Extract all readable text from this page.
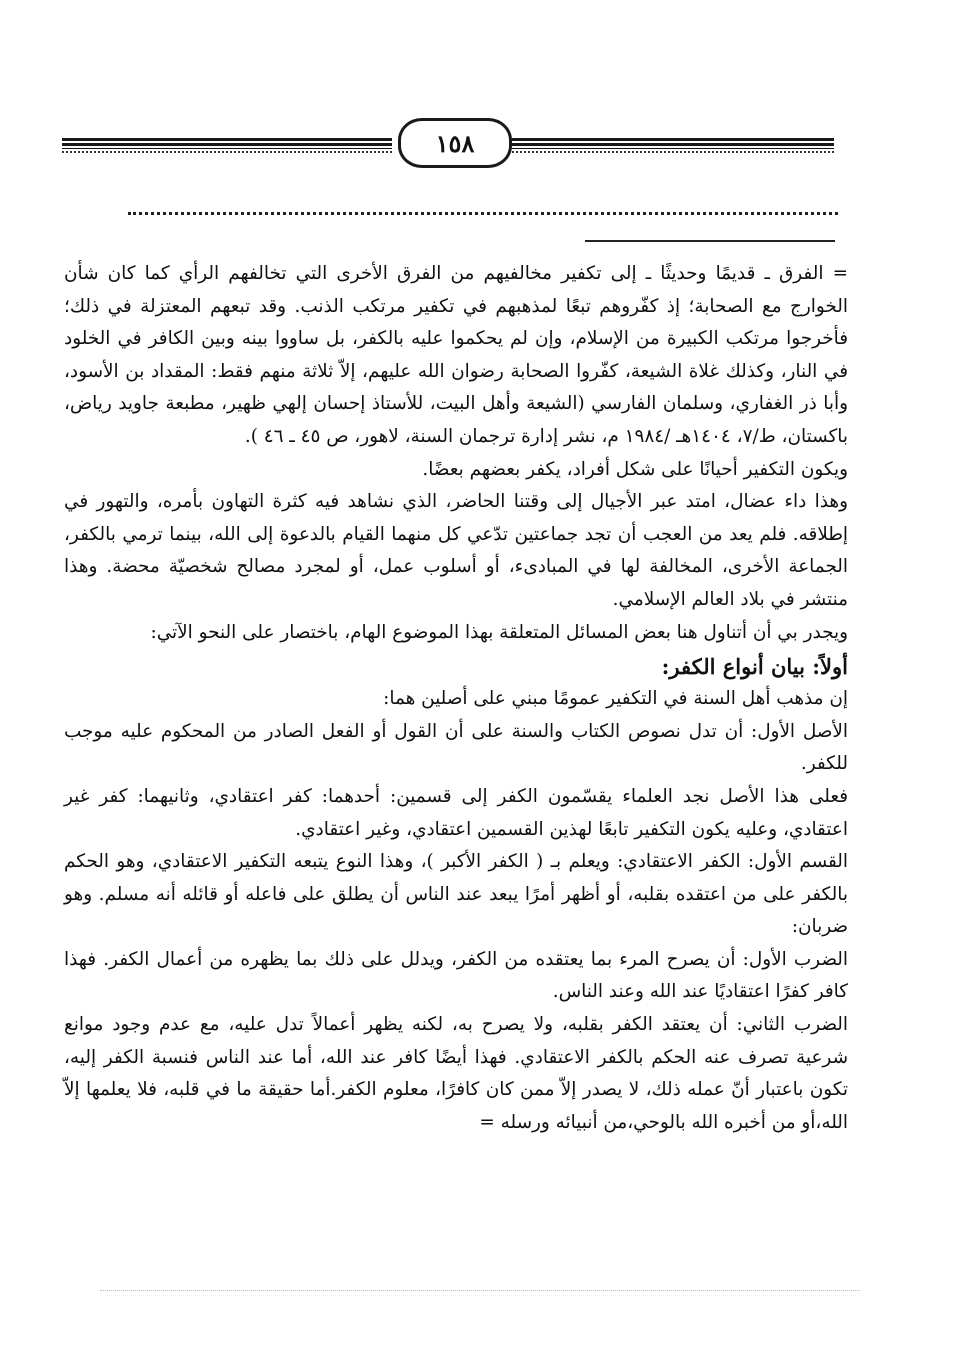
١٥٨

= الفرق ـ قديمًا وحديثًا ـ إلى تكفير مخالفيهم من الفرق الأخرى التي تخالفهم الرأي كما كان شأن الخوارج مع الصحابة؛ إذ كفّروهم تبعًا لمذهبهم في تكفير مرتكب الذنب. وقد تبعهم المعتزلة في ذلك؛ فأخرجوا مرتكب الكبيرة من الإسلام، وإن لم يحكموا عليه بالكفر، بل ساووا بينه وبين الكافر في الخلود في النار، وكذلك غلاة الشيعة، كفّروا الصحابة رضوان الله عليهم، إلاّ ثلاثة منهم فقط: المقداد بن الأسود، وأبا ذر الغفاري، وسلمان الفارسي (الشيعة وأهل البيت، للأستاذ إحسان إلهي ظهير، مطبعة جاويد رياض، باكستان، ط/٧، ١٤٠٤هـ /١٩٨٤ م، نشر إدارة ترجمان السنة، لاهور، ص ٤٥ ـ ٤٦ ).

ويكون التكفير أحيانًا على شكل أفراد، يكفر بعضهم بعضًا.

وهذا داء عضال، امتد عبر الأجيال إلى وقتنا الحاضر، الذي نشاهد فيه كثرة التهاون بأمره، والتهور في إطلاقه. فلم يعد من العجب أن تجد جماعتين تدّعي كل منهما القيام بالدعوة إلى الله، بينما ترمي بالكفر، الجماعة الأخرى، المخالفة لها في المبادىء، أو أسلوب عمل، أو لمجرد مصالح شخصيّة محضة. وهذا منتشر في بلاد العالم الإسلامي.

ويجدر بي أن أتناول هنا بعض المسائل المتعلقة بهذا الموضوع الهام، باختصار على النحو الآتي:

أولاً: بيان أنواع الكفر:

إن مذهب أهل السنة في التكفير عمومًا مبني على أصلين هما:

الأصل الأول: أن تدل نصوص الكتاب والسنة على أن القول أو الفعل الصادر من المحكوم عليه موجب للكفر.

فعلى هذا الأصل نجد العلماء يقسّمون الكفر إلى قسمين: أحدهما: كفر اعتقادي، وثانيهما: كفر غير اعتقادي، وعليه يكون التكفير تابعًا لهذين القسمين اعتقادي، وغير اعتقادي.

القسم الأول: الكفر الاعتقادي: ويعلم بـ ( الكفر الأكبر )، وهذا النوع يتبعه التكفير الاعتقادي، وهو الحكم بالكفر على من اعتقده بقلبه، أو أظهر أمرًا يبعد عند الناس أن يطلق على فاعله أو قائله أنه مسلم. وهو ضربان:

الضرب الأول: أن يصرح المرء بما يعتقده من الكفر، ويدلل على ذلك بما يظهره من أعمال الكفر. فهذا كافر كفرًا اعتقاديًا عند الله وعند الناس.

الضرب الثاني: أن يعتقد الكفر بقلبه، ولا يصرح به، لكنه يظهر أعمالاً تدل عليه، مع عدم وجود موانع شرعية تصرف عنه الحكم بالكفر الاعتقادي. فهذا أيضًا كافر عند الله، أما عند الناس فنسبة الكفر إليه، تكون باعتبار أنّ عمله ذلك، لا يصدر إلاّ ممن كان كافرًا، معلوم الكفر.أما حقيقة ما في قلبه، فلا يعلمها إلاّ الله،أو من أخبره الله بالوحي،من أنبيائه ورسله =
